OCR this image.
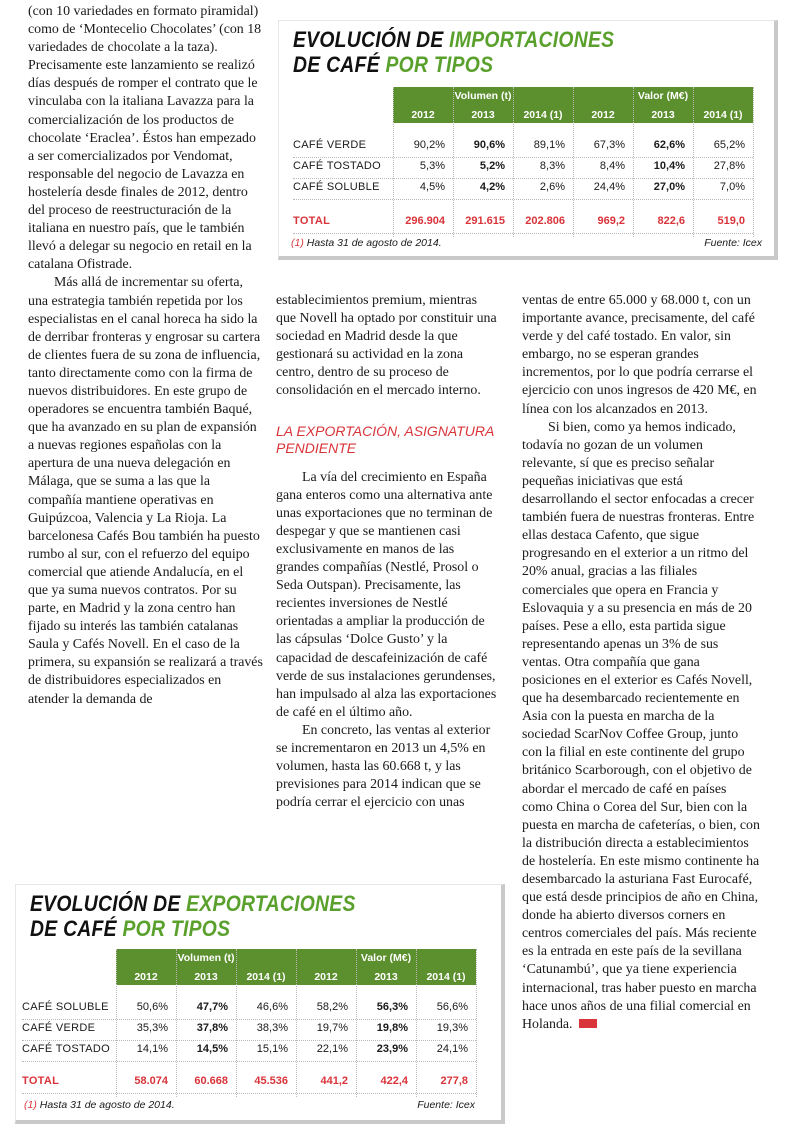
(con 10 variedades en formato piramidal) como de ‘Montecelio Chocolates’ (con 18 variedades de chocolate a la taza). Precisamente este lanzamiento se realizó días después de romper el contrato que le vinculaba con la italiana Lavazza para la comercialización de los productos de chocolate ‘Eraclea’. Éstos han empezado a ser comercializados por Vendomat, responsable del negocio de Lavazza en hostelería desde finales de 2012, dentro del proceso de reestructuración de la italiana en nuestro país, que le también llevó a delegar su negocio en retail en la catalana Ofistrade.

Más allá de incrementar su oferta, una estrategia también repetida por los especialistas en el canal horeca ha sido la de derribar fronteras y engrosar su cartera de clientes fuera de su zona de influencia, tanto directamente como con la firma de nuevos distribuidores. En este grupo de operadores se encuentra también Baqué, que ha avanzado en su plan de expansión a nuevas regiones españolas con la apertura de una nueva delegación en Málaga, que se suma a las que la compañía mantiene operativas en Guipúzcoa, Valencia y La Rioja. La barcelonesa Cafés Bou también ha puesto rumbo al sur, con el refuerzo del equipo comercial que atiende Andalucía, en el que ya suma nuevos contratos. Por su parte, en Madrid y la zona centro han fijado su interés las también catalanas Saula y Cafés Novell. En el caso de la primera, su expansión se realizará a través de distribuidores especializados en atender la demanda de

establecimientos premium, mientras que Novell ha optado por constituir una sociedad en Madrid desde la que gestionará su actividad en la zona centro, dentro de su proceso de consolidación en el mercado interno.

LA EXPORTACIÓN, ASIGNATURA PENDIENTE

La vía del crecimiento en España gana enteros como una alternativa ante unas exportaciones que no terminan de despegar y que se mantienen casi exclusivamente en manos de las grandes compañías (Nestlé, Prosol o Seda Outspan). Precisamente, las recientes inversiones de Nestlé orientadas a ampliar la producción de las cápsulas ‘Dolce Gusto’ y la capacidad de descafeinización de café verde de sus instalaciones gerundenses, han impulsado al alza las exportaciones de café en el último año.

En concreto, las ventas al exterior se incrementaron en 2013 un 4,5% en volumen, hasta las 60.668 t, y las previsiones para 2014 indican que se podría cerrar el ejercicio con unas

ventas de entre 65.000 y 68.000 t, con un importante avance, precisamente, del café verde y del café tostado. En valor, sin embargo, no se esperan grandes incrementos, por lo que podría cerrarse el ejercicio con unos ingresos de 420 M€, en línea con los alcanzados en 2013.

Si bien, como ya hemos indicado, todavía no gozan de un volumen relevante, sí que es preciso señalar pequeñas iniciativas que está desarrollando el sector enfocadas a crecer también fuera de nuestras fronteras. Entre ellas destaca Cafento, que sigue progresando en el exterior a un ritmo del 20% anual, gracias a las filiales comerciales que opera en Francia y Eslovaquia y a su presencia en más de 20 países. Pese a ello, esta partida sigue representando apenas un 3% de sus ventas. Otra compañía que gana posiciones en el exterior es Cafés Novell, que ha desembarcado recientemente en Asia con la puesta en marcha de la sociedad ScarNov Coffee Group, junto con la filial en este continente del grupo británico Scarborough, con el objetivo de abordar el mercado de café en países como China o Corea del Sur, bien con la puesta en marcha de cafeterías, o bien, con la distribución directa a establecimientos de hostelería. En este mismo continente ha desembarcado la asturiana Fast Eurocafé, que está desde principios de año en China, donde ha abierto diversos corners en centros comerciales del país. Más reciente es la entrada en este país de la sevillana ‘Catunambú’, que ya tiene experiencia internacional, tras haber puesto en marcha hace unos años de una filial comercial en Holanda.

EVOLUCIÓN DE IMPORTACIONES
DE CAFÉ POR TIPOS
Volumen (t)	Valor (M€)
2012	2013	2014 (1)	2012	2013	2014 (1)
CAFÉ VERDE	90,2%	90,6%	89,1%	67,3%	62,6%	65,2%
CAFÉ TOSTADO	5,3%	5,2%	8,3%	8,4%	10,4%	27,8%
CAFÉ SOLUBLE	4,5%	4,2%	2,6%	24,4%	27,0%	7,0%
TOTAL	296.904	291.615	202.806	969,2	822,6	519,0
(1) Hasta 31 de agosto de 2014.	Fuente: Icex
EVOLUCIÓN DE EXPORTACIONES
DE CAFÉ POR TIPOS
Volumen (t)	Valor (M€)
2012	2013	2014 (1)	2012	2013	2014 (1)
CAFÉ SOLUBLE	50,6%	47,7%	46,6%	58,2%	56,3%	56,6%
CAFÉ VERDE	35,3%	37,8%	38,3%	19,7%	19,8%	19,3%
CAFÉ TOSTADO	14,1%	14,5%	15,1%	22,1%	23,9%	24,1%
TOTAL	58.074	60.668	45.536	441,2	422,4	277,8
(1) Hasta 31 de agosto de 2014.	Fuente: Icex
